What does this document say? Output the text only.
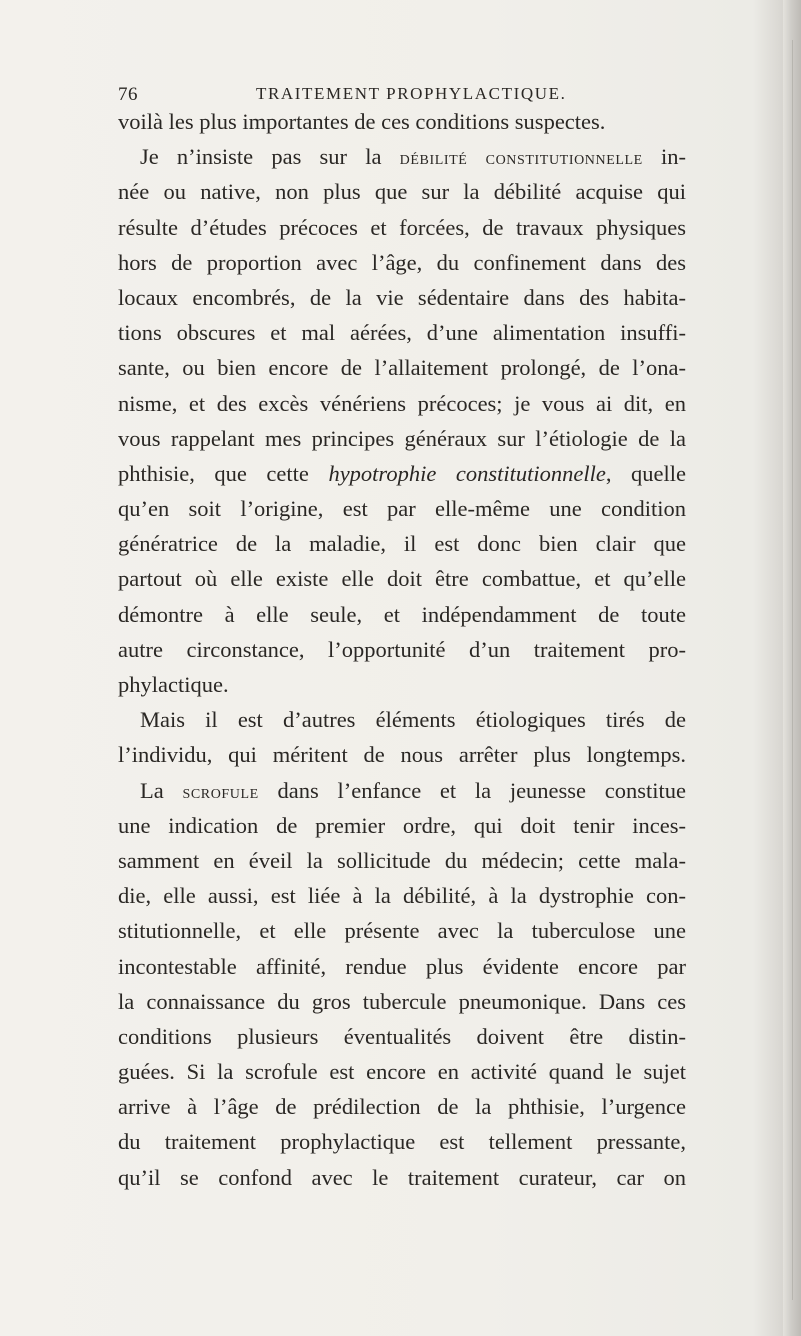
76	TRAITEMENT PROPHYLACTIQUE.
voilà les plus importantes de ces conditions suspectes.
Je n’insiste pas sur la débilité constitutionnelle in-
née ou native, non plus que sur la débilité acquise qui
résulte d’études précoces et forcées, de travaux physiques
hors de proportion avec l’âge, du confinement dans des
locaux encombrés, de la vie sédentaire dans des habita-
tions obscures et mal aérées, d’une alimentation insuffi-
sante, ou bien encore de l’allaitement prolongé, de l’ona-
nisme, et des excès vénériens précoces; je vous ai dit, en
vous rappelant mes principes généraux sur l’étiologie de la
phthisie, que cette hypotrophie constitutionnelle, quelle
qu’en soit l’origine, est par elle-même une condition
génératrice de la maladie, il est donc bien clair que
partout où elle existe elle doit être combattue, et qu’elle
démontre à elle seule, et indépendamment de toute
autre circonstance, l’opportunité d’un traitement pro-
phylactique.
Mais il est d’autres éléments étiologiques tirés de
l’individu, qui méritent de nous arrêter plus longtemps.
La scrofule dans l’enfance et la jeunesse constitue
une indication de premier ordre, qui doit tenir inces-
samment en éveil la sollicitude du médecin; cette mala-
die, elle aussi, est liée à la débilité, à la dystrophie con-
stitutionnelle, et elle présente avec la tuberculose une
incontestable affinité, rendue plus évidente encore par
la connaissance du gros tubercule pneumonique. Dans ces
conditions plusieurs éventualités doivent être distin-
guées. Si la scrofule est encore en activité quand le sujet
arrive à l’âge de prédilection de la phthisie, l’urgence
du traitement prophylactique est tellement pressante,
qu’il se confond avec le traitement curateur, car on
